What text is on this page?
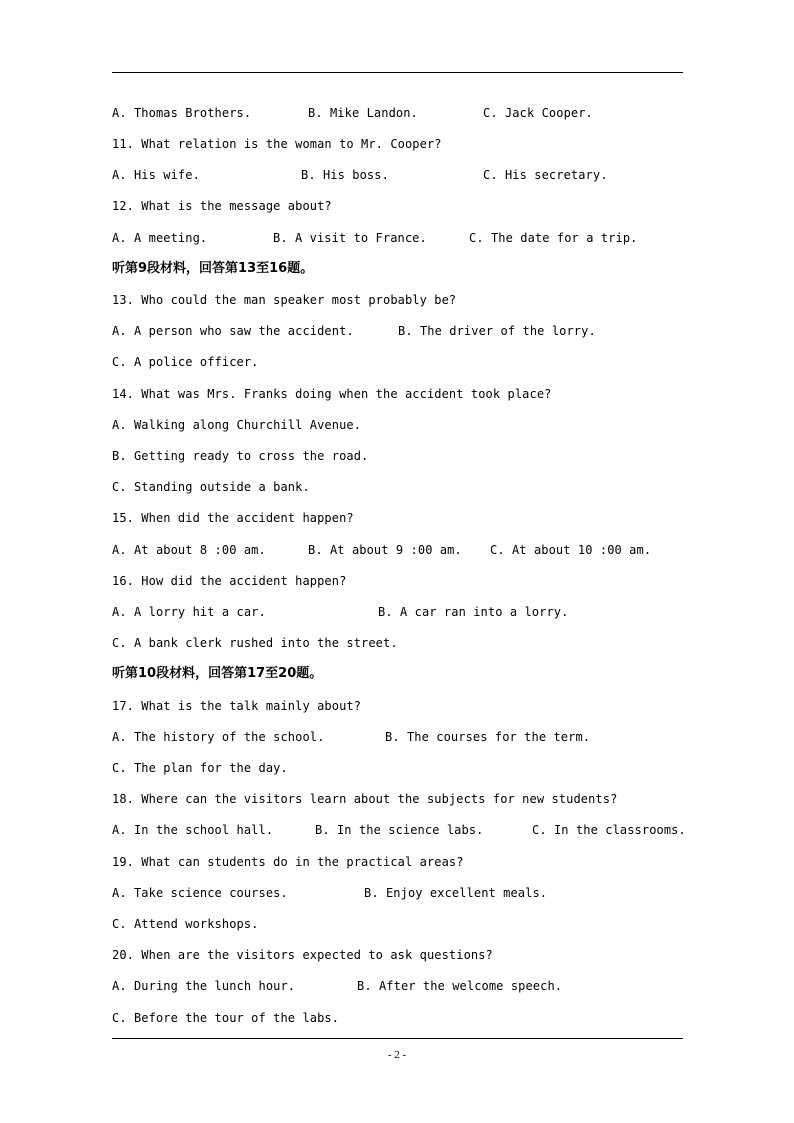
A. Thomas Brothers.	B. Mike Landon.	C. Jack Cooper.
11. What relation is the woman to Mr. Cooper?
A. His wife.	B. His boss.	C. His secretary.
12. What is the message about?
A. A meeting.	B. A visit to France.	C. The date for a trip.
听第9段材料，回答第13至16题。
13. Who could the man speaker most probably be?
A. A person who saw the accident.	B. The driver of the lorry.
C. A police officer.
14. What was Mrs. Franks doing when the accident took place?
A. Walking along Churchill Avenue.
B. Getting ready to cross the road.
C. Standing outside a bank.
15. When did the accident happen?
A. At about 8 :00 am.	B. At about 9 :00 am. C. At about 10 :00 am.
16. How did the accident happen?
A. A lorry hit a car.	B. A car ran into a lorry.
C. A bank clerk rushed into the street.
听第10段材料，回答第17至20题。
17. What is the talk mainly about?
A. The history of the school.	B. The courses for the term.
C. The plan for the day.
18. Where can the visitors learn about the subjects for new students?
A. In the school hall.	B. In the science labs.	C. In the classrooms.
19. What can students do in the practical areas?
A. Take science courses.	B. Enjoy excellent meals.
C. Attend workshops.
20. When are the visitors expected to ask questions?
A. During the lunch hour.	B. After the welcome speech.
C. Before the tour of the labs.
- 2 -
